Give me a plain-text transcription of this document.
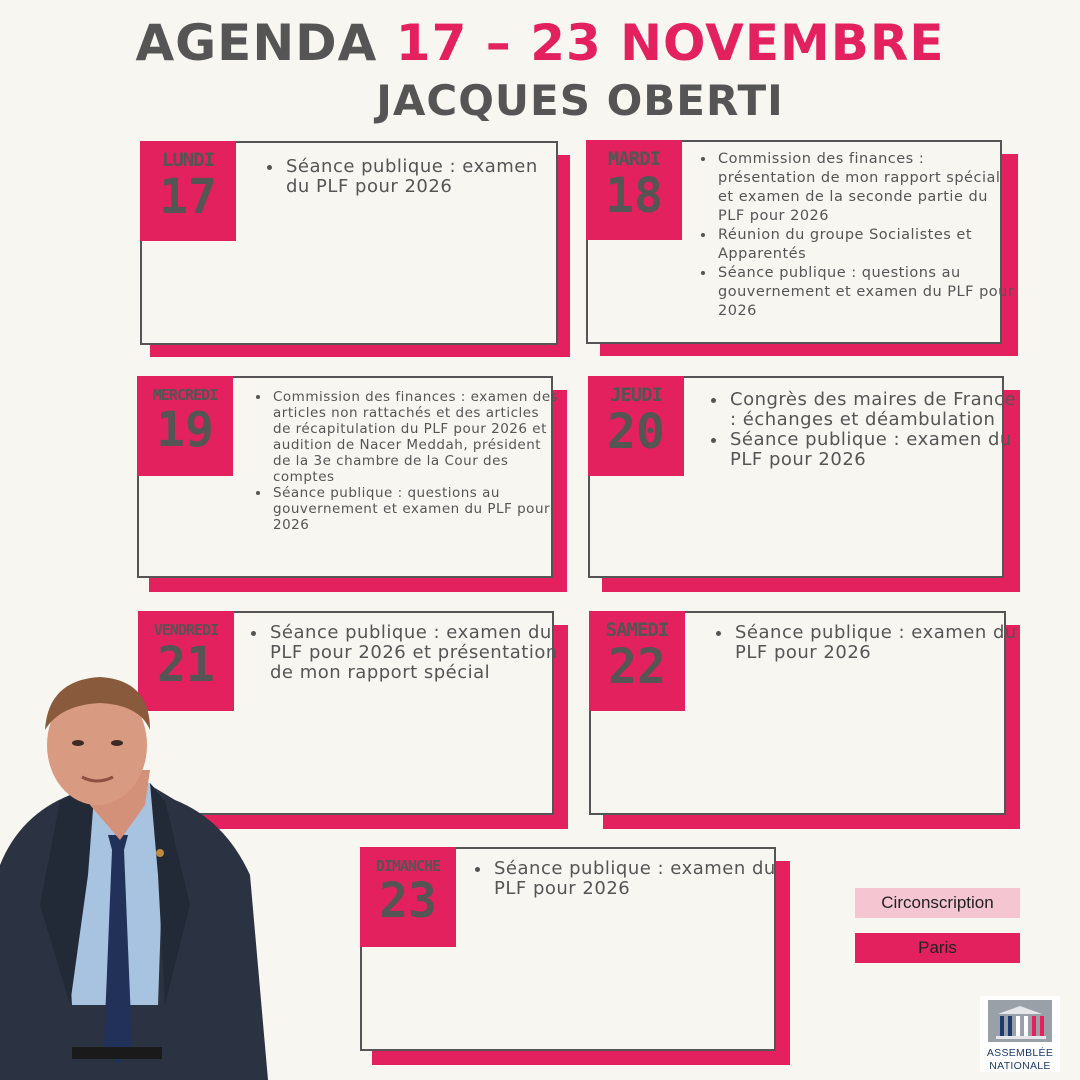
AGENDA 17 – 23 NOVEMBRE
JACQUES OBERTI
LUNDI
17
• Séance publique : examen du PLF pour 2026
MARDI
18
• Commission des finances : présentation de mon rapport spécial et examen de la seconde partie du PLF pour 2026
• Réunion du groupe Socialistes et Apparentés
• Séance publique : questions au gouvernement et examen du PLF pour 2026
MERCREDI
19
• Commission des finances : examen des articles non rattachés et des articles de récapitulation du PLF pour 2026 et audition de Nacer Meddah, président de la 3e chambre de la Cour des comptes
• Séance publique : questions au gouvernement et examen du PLF pour 2026
JEUDI
20
• Congrès des maires de France : échanges et déambulation
• Séance publique : examen du PLF pour 2026
VENDREDI
21
• Séance publique : examen du PLF pour 2026 et présentation de mon rapport spécial
SAMEDI
22
• Séance publique : examen du PLF pour 2026
DIMANCHE
23
• Séance publique : examen du PLF pour 2026
Circonscription
Paris
ASSEMBLÉE
NATIONALE
